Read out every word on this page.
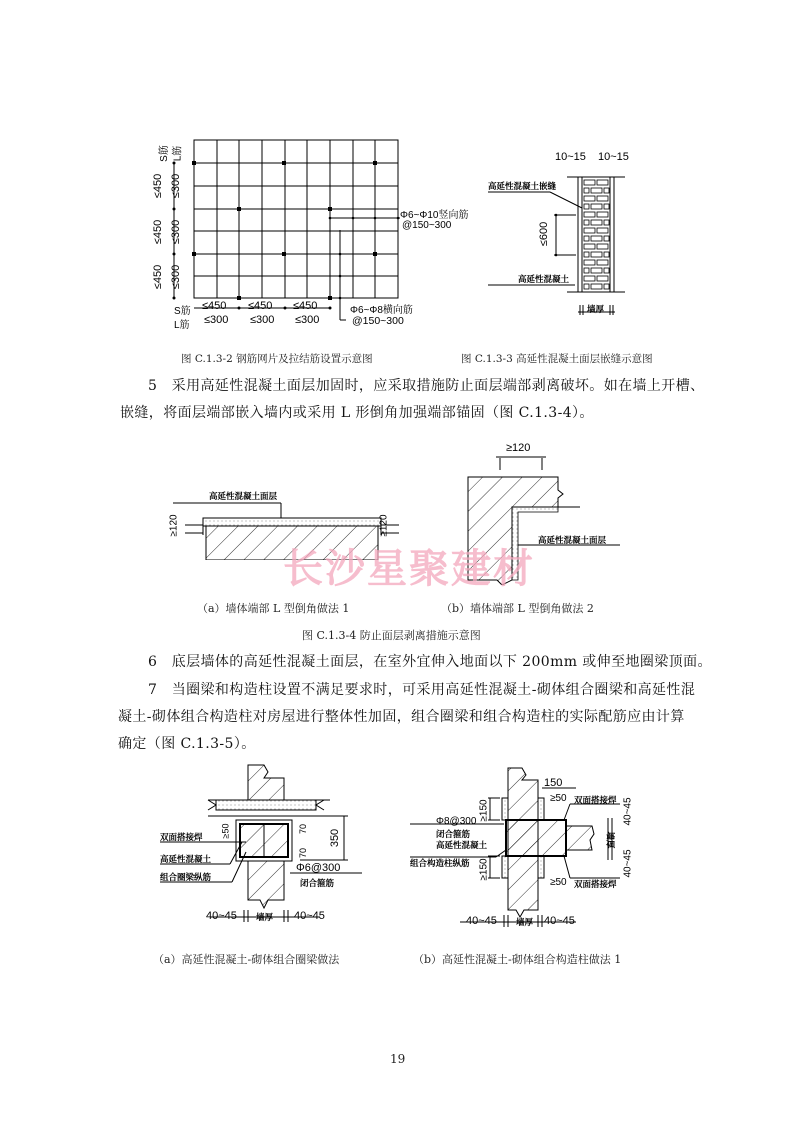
S筋 L筋
≤450 ≤300
≤450 ≤300
≤450 ≤300
S筋
L筋
≤450
≤300
≤450
≤300
≤450
≤300
Φ6~Φ10竖向筋
@150~300
Φ6~Φ8横向筋
@150~300
10~15 10~15
高延性混凝土嵌缝
≤600
高延性混凝土
墙厚
图 C.1.3-2 钢筋网片及拉结筋设置示意图	图 C.1.3-3 高延性混凝土面层嵌缝示意图
5　采用高延性混凝土面层加固时，应采取措施防止面层端部剥离破坏。如在墙上开槽、
嵌缝，将面层端部嵌入墙内或采用 L 形倒角加强端部锚固（图 C.1.3-4）。
高延性混凝土面层
≥120	≥120
≥120
高延性混凝土面层
长沙星聚建材
（a）墙体端部 L 型倒角做法 1	（b）墙体端部 L 型倒角做法 2
图 C.1.3-4 防止面层剥离措施示意图
6　底层墙体的高延性混凝土面层，在室外宜伸入地面以下 200mm 或伸至地圈梁顶面。
7　当圈梁和构造柱设置不满足要求时，可采用高延性混凝土-砌体组合圈梁和高延性混
凝土-砌体组合构造柱对房屋进行整体性加固，组合圈梁和组合构造柱的实际配筋应由计算
确定（图 C.1.3-5）。
双面搭接焊
高延性混凝土
组合圈梁纵筋
≥50	70
70
350
Φ6@300
闭合箍筋
40~45 墙厚 40~45
150
≥50 双面搭接焊
≥150
Φ8@300
闭合箍筋
高延性混凝土
组合构造柱纵筋 ≥150
≥50 双面搭接焊
40~45
墙厚
40~45
40~45 墙厚 40~45
（a）高延性混凝土-砌体组合圈梁做法	（b）高延性混凝土-砌体组合构造柱做法 1
19
